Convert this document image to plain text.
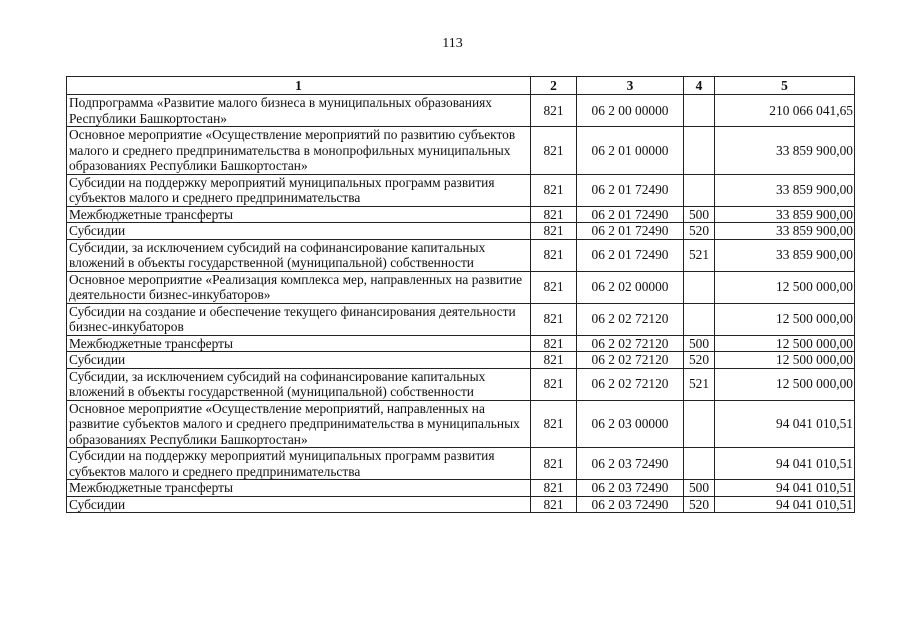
113
1	2	3	4	5
Подпрограмма «Развитие малого бизнеса в муниципальных образованиях Республики Башкортостан»	821	06 2 00 00000		210 066 041,65
Основное мероприятие «Осуществление мероприятий по развитию субъектов малого и среднего предпринимательства в монопрофильных муниципальных образованиях Республики Башкортостан»	821	06 2 01 00000		33 859 900,00
Субсидии на поддержку мероприятий муниципальных программ развития субъектов малого и среднего предпринимательства	821	06 2 01 72490		33 859 900,00
Межбюджетные трансферты	821	06 2 01 72490	500	33 859 900,00
Субсидии	821	06 2 01 72490	520	33 859 900,00
Субсидии, за исключением субсидий на софинансирование капитальных вложений в объекты государственной (муниципальной) собственности	821	06 2 01 72490	521	33 859 900,00
Основное мероприятие «Реализация комплекса мер, направленных на развитие деятельности бизнес-инкубаторов»	821	06 2 02 00000		12 500 000,00
Субсидии на создание и обеспечение текущего финансирования деятельности бизнес-инкубаторов	821	06 2 02 72120		12 500 000,00
Межбюджетные трансферты	821	06 2 02 72120	500	12 500 000,00
Субсидии	821	06 2 02 72120	520	12 500 000,00
Субсидии, за исключением субсидий на софинансирование капитальных вложений в объекты государственной (муниципальной) собственности	821	06 2 02 72120	521	12 500 000,00
Основное мероприятие «Осуществление мероприятий, направленных на развитие субъектов малого и среднего предпринимательства в муниципальных образованиях Республики Башкортостан»	821	06 2 03 00000		94 041 010,51
Субсидии на поддержку мероприятий муниципальных программ развития субъектов малого и среднего предпринимательства	821	06 2 03 72490		94 041 010,51
Межбюджетные трансферты	821	06 2 03 72490	500	94 041 010,51
Субсидии	821	06 2 03 72490	520	94 041 010,51
